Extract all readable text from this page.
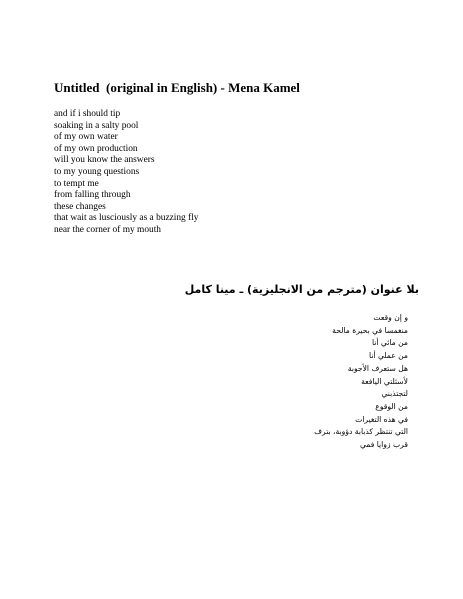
Untitled  (original in English) - Mena Kamel
and if i should tip
soaking in a salty pool
of my own water
of my own production
will you know the answers
to my young questions
to tempt me
from falling through
these changes
that wait as lusciously as a buzzing fly
near the corner of my mouth
بلا عنوان (مترجم من الانجليزية) ـ مينا كامل
و إن وقعت
منغمسا في بحيرة مالحة
من مائي أنا
من عملي أنا
هل ستعرف الأجوبة
لأسئلتي اليافعة
لتجتذبني
من الوقوع
في هذه التغيرات
التي تنتظر كذبابة دؤوبة، بترف
قرب زوايا فمي
